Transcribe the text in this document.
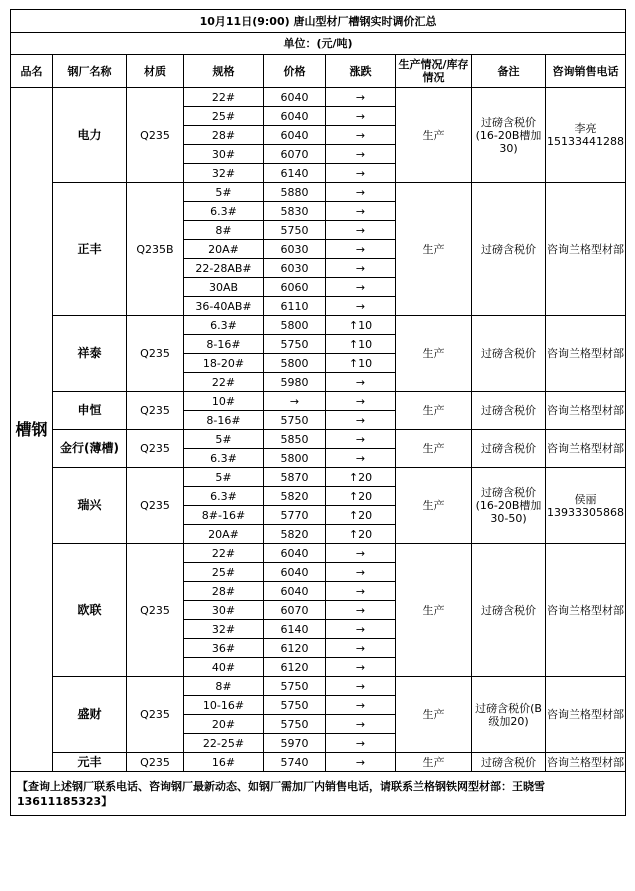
10月11日(9:00) 唐山型材厂槽钢实时调价汇总								
单位：(元/吨)								
品名	钢厂名称	材质	规格	价格	涨跌	生产情况/库存情况	备注	咨询销售电话
槽钢	电力	Q235	22#	6040	→	生产	过磅含税价(16-20B槽加30)	李亮 15133441288
			25#	6040	→			
			28#	6040	→			
			30#	6070	→			
			32#	6140	→			
	正丰	Q235B	5#	5880	→	生产	过磅含税价	咨询兰格型材部
			6.3#	5830	→			
			8#	5750	→			
			20A#	6030	→			
			22-28AB#	6030	→			
			30AB	6060	→			
			36-40AB#	6110	→			
	祥泰	Q235	6.3#	5800	↑10	生产	过磅含税价	咨询兰格型材部
			8-16#	5750	↑10			
			18-20#	5800	↑10			
			22#	5980	→			
	申恒	Q235	10#	→	→	生产	过磅含税价	咨询兰格型材部
			8-16#	5750	→			
	金行(薄槽)	Q235	5#	5850	→	生产	过磅含税价	咨询兰格型材部
			6.3#	5800	→			
	瑞兴	Q235	5#	5870	↑20	生产	过磅含税价(16-20B槽加30-50)	侯丽 13933305868
			6.3#	5820	↑20			
			8#-16#	5770	↑20			
			20A#	5820	↑20			
	欧联	Q235	22#	6040	→	生产	过磅含税价	咨询兰格型材部
			25#	6040	→			
			28#	6040	→			
			30#	6070	→			
			32#	6140	→			
			36#	6120	→			
			40#	6120	→			
	盛财	Q235	8#	5750	→	生产	过磅含税价(B级加20)	咨询兰格型材部
			10-16#	5750	→			
			20#	5750	→			
			22-25#	5970	→			
	元丰	Q235	16#	5740	→	生产	过磅含税价	咨询兰格型材部
【查询上述钢厂联系电话、咨询钢厂最新动态、如钢厂需加厂内销售电话，请联系兰格钢铁网型材部：王晓雪13611185323】								
